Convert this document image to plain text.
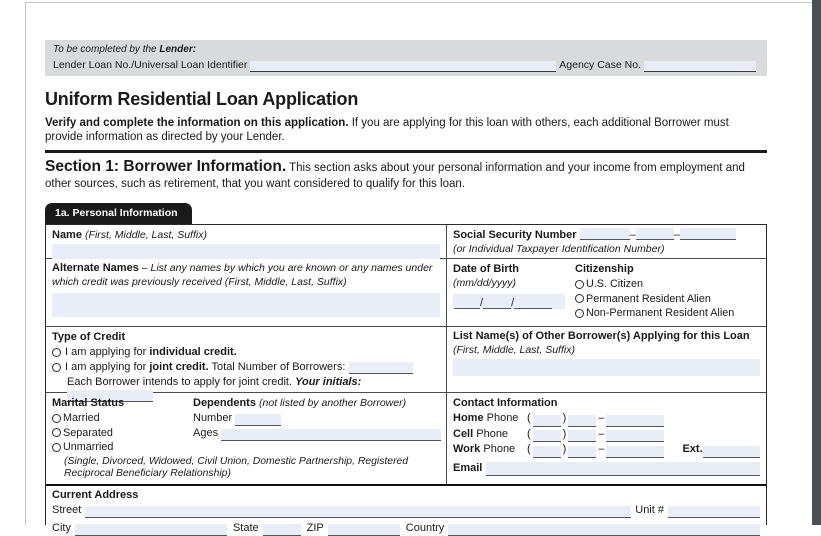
To be completed by the Lender:
Lender Loan No./Universal Loan Identifier	Agency Case No.
Uniform Residential Loan Application
Verify and complete the information on this application. If you are applying for this loan with others, each additional Borrower must provide information as directed by your Lender.
Section 1: Borrower Information. This section asks about your personal information and your income from employment and other sources, such as retirement, that you want considered to qualify for this loan.
1a. Personal Information
Name (First, Middle, Last, Suffix)	Social Security Number	–	–
(or Individual Taxpayer Identification Number)
Alternate Names – List any names by which you are known or any names under which credit was previously received (First, Middle, Last, Suffix)
Date of Birth
(mm/dd/yyyy)
/	/
Citizenship
U.S. Citizen
Permanent Resident Alien
Non-Permanent Resident Alien
Type of Credit
I am applying for individual credit.
I am applying for joint credit. Total Number of Borrowers:
Each Borrower intends to apply for joint credit. Your initials:
List Name(s) of Other Borrower(s) Applying for this Loan
(First, Middle, Last, Suffix)
Marital Status
Married
Separated
Unmarried
(Single, Divorced, Widowed, Civil Union, Domestic Partnership, Registered Reciprocal Beneficiary Relationship)
Dependents (not listed by another Borrower)
Number
Ages
Contact Information
Home Phone (	)	–
Cell Phone	(	)	–
Work Phone	(	)	–	Ext.
Email
Current Address
Street	Unit #
City	State	ZIP	Country
